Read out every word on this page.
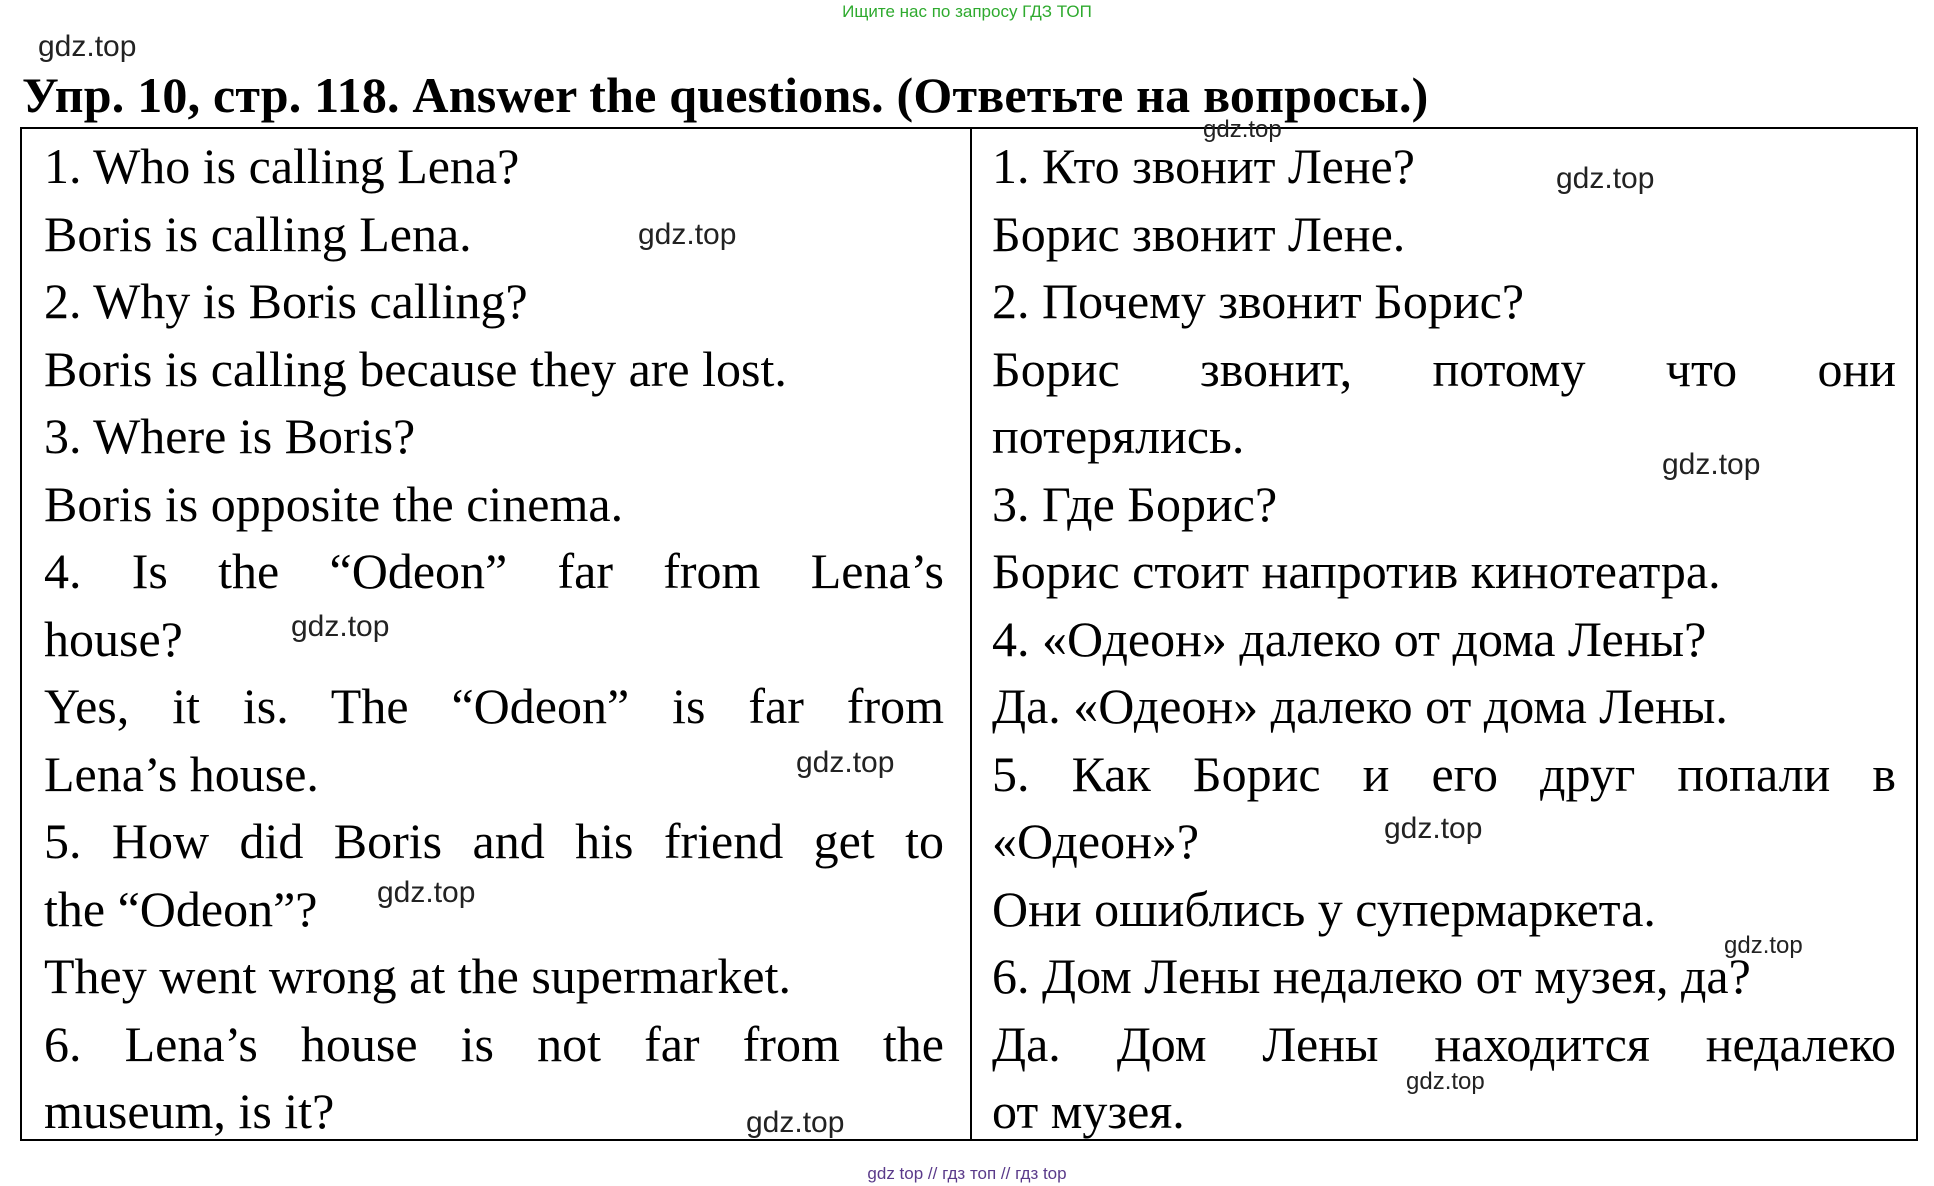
Ищите нас по запросу ГДЗ ТОП
gdz.top
Упр. 10, стр. 118. Answer the questions. (Ответьте на вопросы.)
1. Who is calling Lena?
Boris is calling Lena.
2. Why is Boris calling?
Boris is calling because they are lost.
3. Where is Boris?
Boris is opposite the cinema.
4. Is the “Odeon” far from Lena’s
house?
Yes, it is. The “Odeon” is far from
Lena’s house.
5. How did Boris and his friend get to
the “Odeon”?
They went wrong at the supermarket.
6. Lena’s house is not far from the
museum, is it?
1. Кто звонит Лене?
Борис звонит Лене.
2. Почему звонит Борис?
Борис звонит, потому что они
потерялись.
3. Где Борис?
Борис стоит напротив кинотеатра.
4. «Одеон» далеко от дома Лены?
Да. «Одеон» далеко от дома Лены.
5. Как Борис и его друг попали в
«Одеон»?
Они ошиблись у супермаркета.
6. Дом Лены недалеко от музея, да?
Да. Дом Лены находится недалеко
от музея.
gdz.top
gdz.top
gdz.top
gdz.top
gdz.top
gdz.top
gdz.top
gdz.top
gdz.top
gdz.top
gdz.top
gdz top // гдз топ // гдз top
